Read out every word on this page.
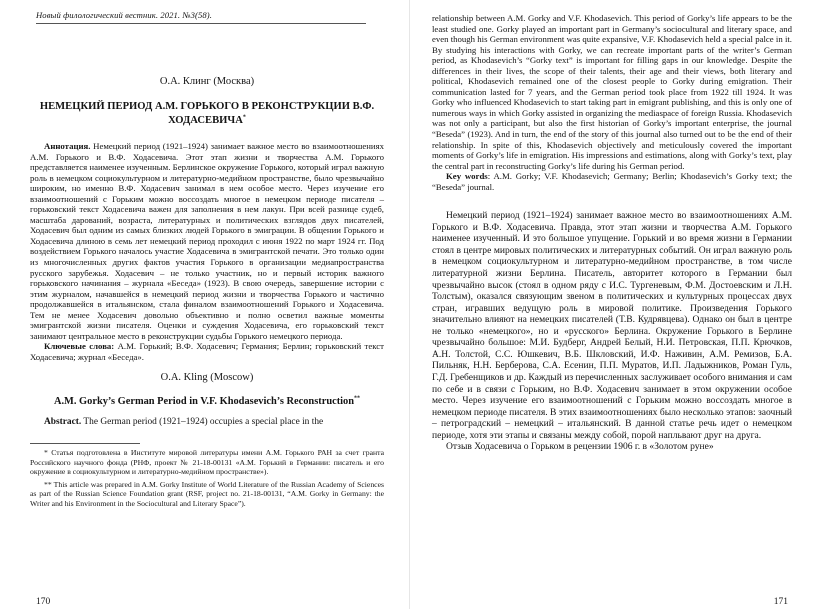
Новый филологический вестник. 2021. №3(58).
О.А. Клинг (Москва)
НЕМЕЦКИЙ ПЕРИОД А.М. ГОРЬКОГО В РЕКОНСТРУКЦИИ В.Ф. ХОДАСЕВИЧА*

Аннотация. Немецкий период (1921–1924) занимает важное место во взаимоотношениях А.М. Горького и В.Ф. Ходасевича. Этот этап жизни и творчества А.М. Горького представляется наименее изученным. Берлинское окружение Горького, который играл важную роль в немецком социокультурном и литературно-медийном пространстве, было чрезвычайно широким, но именно В.Ф. Ходасевич занимал в нем особое место. Через изучение его взаимоотношений с Горьким можно воссоздать многое в немецком периоде писателя – горьковский текст Ходасевича важен для заполнения в нем лакун. При всей разнице судеб, масштаба дарований, возраста, литературных и политических взглядов двух писателей, Ходасевич был одним из самых близких людей Горького в эмиграции. В общении Горького и Ходасевича длиною в семь лет немецкий период проходил с июня 1922 по март 1924 гг. Под воздействием Горького началось участие Ходасевича в эмигрантской печати. Это только один из многочисленных других фактов участия Горького в организации медиапространства русского зарубежья. Ходасевич – не только участник, но и первый историк важного горьковского начинания – журнала «Беседа» (1923). В свою очередь, завершение истории с этим журналом, начавшейся в немецкий период жизни и творчества Горького и частично продолжавшейся в итальянском, стала финалом взаимоотношений Горького и Ходасевича. Тем не менее Ходасевич довольно объективно и полно осветил важные моменты эмигрантской жизни писателя. Оценки и суждения Ходасевича, его горьковский текст занимают центральное место в реконструкции судьбы Горького немецкого периода.

Ключевые слова: А.М. Горький; В.Ф. Ходасевич; Германия; Берлин; горьковский текст Ходасевича; журнал «Беседа».

O.A. Kling (Moscow)
A.M. Gorky’s German Period in V.F. Khodasevich’s Reconstruction**

Abstract. The German period (1921–1924) occupies a special place in the

* Статья подготовлена в Институте мировой литературы имени А.М. Горького РАН за счет гранта Российского научного фонда (РНФ, проект № 21-18-00131 «А.М. Горький в Германии: писатель и его окружение в социокультурном и литературно-медийном пространстве»).

** This article was prepared in A.M. Gorky Institute of World Literature of the Russian Academy of Sciences as part of the Russian Science Foundation grant (RSF, project no. 21-18-00131, “A.M. Gorky in Germany: the Writer and his Environment in the Sociocultural and Literary Space”).

170

relationship between A.M. Gorky and V.F. Khodasevich. This period of Gorky’s life appears to be the least studied one. Gorky played an important part in Germany’s sociocultural and literary space, and even though his German environment was quite expansive, V.F. Khodasevich held a special palce in it. By studying his interactions with Gorky, we can recreate important parts of the writer’s German period, as Khodasevich’s “Gorky text” is important for filling gaps in our knowledge. Despite the differences in their lives, the scope of their talents, their age and their views, both literary and political, Khodasevich remained one of the closest people to Gorky during emigration. Their communication lasted for 7 years, and the German period took place from 1922 till 1924. It was Gorky who influenced Khodasevich to start taking part in emigrant publishing, and this is only one of numerous ways in which Gorky assisted in organizing the mediaspace of foreign Russia. Khodasevich was not only a participant, but also the first historian of Gorky’s important enterprise, the journal “Beseda” (1923). And in turn, the end of the story of this journal also turned out to be the end of their relationship. In spite of this, Khodasevich objectively and meticulously covered the important moments of Gorky’s life in emigration. His impressions and estimations, along with Gorky’s text, play the central part in reconstructing Gorky’s life during his German period.

Key words: A.M. Gorky; V.F. Khodasevich; Germany; Berlin; Khodasevich’s Gorky text; the “Beseda” journal.

Немецкий период (1921–1924) занимает важное место во взаимоотношениях А.М. Горького и В.Ф. Ходасевича. Правда, этот этап жизни и творчества А.М. Горького наименее изученный. И это большое упущение. Горький и во время жизни в Германии стоял в центре мировых политических и литературных событий. Он играл важную роль в немецком социокультурном и литературно-медийном пространстве, в том числе литературной жизни Берлина. Писатель, авторитет которого в Германии был чрезвычайно высок (стоял в одном ряду с И.С. Тургеневым, Ф.М. Достоевским и Л.Н. Толстым), оказался связующим звеном в политических и культурных процессах двух стран, игравших ведущую роль в мировой политике. Произведения Горького значительно влияют на немецких писателей (Т.В. Кудрявцева). Однако он был в центре не только «немецкого», но и «русского» Берлина. Окружение Горького в Берлине чрезвычайно большое: М.И. Будберг, Андрей Белый, Н.И. Петровская, П.П. Крючков, А.Н. Толстой, С.С. Юшкевич, В.Б. Шкловский, И.Ф. Наживин, А.М. Ремизов, Б.А. Пильняк, Н.Н. Берберова, С.А. Есенин, П.П. Муратов, И.П. Ладыжников, Роман Гуль, Г.Д. Гребенщиков и др. Каждый из перечисленных заслуживает особого внимания и сам по себе и в связи с Горьким, но В.Ф. Ходасевич занимает в этом окружении особое место. Через изучение его взаимоотношений с Горьким можно воссоздать многое в немецком периоде писателя. В этих взаимоотношениях было несколько этапов: заочный – петроградский – немецкий – итальянский. В данной статье речь идет о немецком периоде, хотя эти этапы и связаны между собой, порой напльвают друг на друга.

Отзыв Ходасевича о Горьком в рецензии 1906 г. в «Золотом руне»

171
